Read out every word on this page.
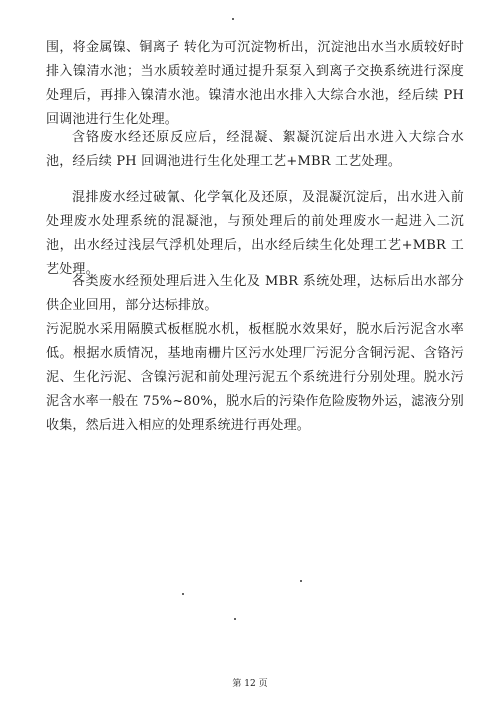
围，将金属镍、铜离子 转化为可沉淀物析出，沉淀池出水当水质较好时排入镍清水池；当水质较差时通过提升泵泵入到离子交换系统进行深度处理后，再排入镍清水池。镍清水池出水排入大综合水池，经后续 PH 回调池进行生化处理。

含铬废水经还原反应后，经混凝、絮凝沉淀后出水进入大综合水池，经后续 PH 回调池进行生化处理工艺+MBR 工艺处理。

混排废水经过破氰、化学氧化及还原，及混凝沉淀后，出水进入前处理废水处理系统的混凝池，与预处理后的前处理废水一起进入二沉池，出水经过浅层气浮机处理后，出水经后续生化处理工艺+MBR 工艺处理。

各类废水经预处理后进入生化及 MBR 系统处理，达标后出水部分供企业回用，部分达标排放。

污泥脱水采用隔膜式板框脱水机，板框脱水效果好，脱水后污泥含水率低。根据水质情况，基地南栅片区污水处理厂污泥分含铜污泥、含铬污泥、生化污泥、含镍污泥和前处理污泥五个系统进行分别处理。脱水污泥含水率一般在 75%~80%，脱水后的污染作危险废物外运，滤液分别收集，然后进入相应的处理系统进行再处理。

第 12 页
